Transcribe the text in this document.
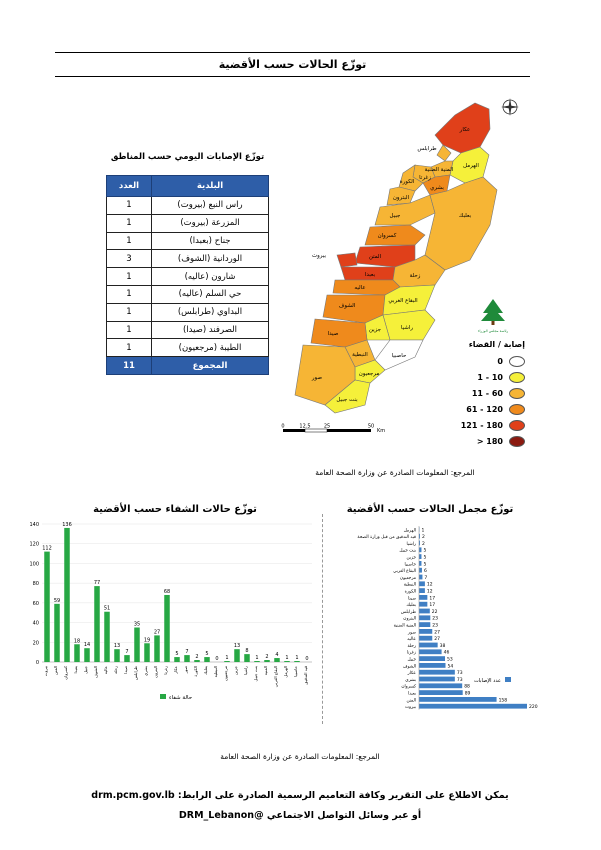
توزّع الحالات حسب الأقضية
توزّع الإصابات اليومي حسب المناطق
العدد	البلدية
1	راس النبع (بيروت)
1	المزرعة (بيروت)
1	جناح (بعبدا)
3	الوردانية (الشوف)
1	شارون (عاليه)
1	حي السلم (عاليه)
1	البداوي (طرابلس)
1	الصرفند (صيدا)
1	الطيبة (مرجعيون)
11	المجموع
عكار
طرابلس
الهرمل
المنية الضنية
زغرتا
بشري
الكورة
البترون
جبيل	بعلبك
كسروان
بيروت	المتن
بعبدا	زحلة
عاليه
الشوف
البقاع الغربي
راشيا
جزين
صيدا
النبطية	حاصبيا
مرجعيون
صور
بنت جبيل
رئاسة مجلس الوزراء
0	12.5	25	50
Km
إصابة / القضاء
0
1 - 10
11 - 60
61 - 120
121 - 180
> 180
المرجع: المعلومات الصادرة عن وزارة الصحة العامة
توزّع حالات الشفاء حسب الأقضية
0
20
40
60
80
100
120
140
112
بيروت
59
المتن
136
كسروان
18
بعبدا
14
جبيل
77
الشوف
51
عاليه
13
زحلة
7
صيدا
35
طرابلس
19
بشري
27
البترون
68
زغرتا
5
عكار
7
صور
2
الكورة
5
بعلبك
0
النبطية
1
مرجعيون
13
جزين
8
راشيا
1
بنت جبيل
2
المنية
4
البقاع الغربي
1
الهرمل
1
حاصبيا
0
قيد التدقيق
حالة شفاء
توزّع مجمل الحالات حسب الأقضية
1
الهرمل
2
قيد التدقيق من قبل وزارة الصحة
2
راشيا
5
بنت جبيل
5
جزين
5
حاصبيا
6
البقاع الغربي
7
مرجعيون
12
النبطية
12
الكورة
17
صيدا
17
بعلبك
22
طرابلس
23
البترون
23
المنية الضنية
27
صور
27
عاليه
38
زحلة
46
زغرتا
53
جبيل
54
الشوف
73
عكار
73
بشري
88
كسروان
89
بعبدا
158
المتن
220
بيروت
عدد الإصابات
المرجع: المعلومات الصادرة عن وزارة الصحة العامة
يمكن الاطلاع على التقرير وكافة التعاميم الرسمية الصادرة على الرابط: drm.pcm.gov.lb
أو عبر وسائل التواصل الاجتماعي @DRM_Lebanon
